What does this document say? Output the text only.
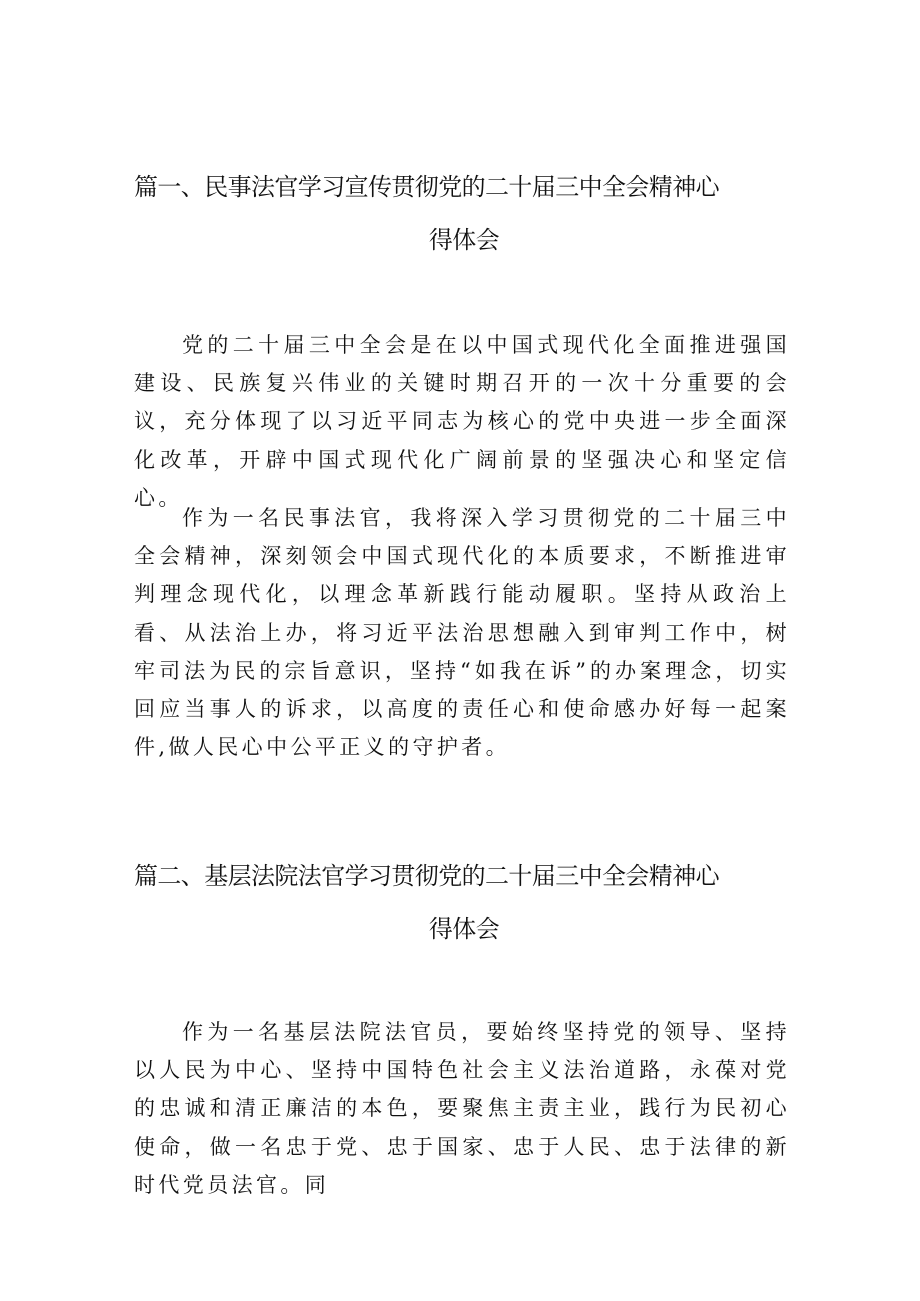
篇一、民事法官学习宣传贯彻党的二十届三中全会精神心
得体会

党的二十届三中全会是在以中国式现代化全面推进强国建设、民族复兴伟业的关键时期召开的一次十分重要的会议，充分体现了以习近平同志为核心的党中央进一步全面深化改革，开辟中国式现代化广阔前景的坚强决心和坚定信心。

作为一名民事法官，我将深入学习贯彻党的二十届三中全会精神，深刻领会中国式现代化的本质要求，不断推进审判理念现代化，以理念革新践行能动履职。坚持从政治上看、从法治上办，将习近平法治思想融入到审判工作中，树牢司法为民的宗旨意识，坚持“如我在诉”的办案理念，切实回应当事人的诉求，以高度的责任心和使命感办好每一起案件,做人民心中公平正义的守护者。

篇二、基层法院法官学习贯彻党的二十届三中全会精神心
得体会

作为一名基层法院法官员，要始终坚持党的领导、坚持以人民为中心、坚持中国特色社会主义法治道路，永葆对党的忠诚和清正廉洁的本色，要聚焦主责主业，践行为民初心使命，做一名忠于党、忠于国家、忠于人民、忠于法律的新时代党员法官。同
